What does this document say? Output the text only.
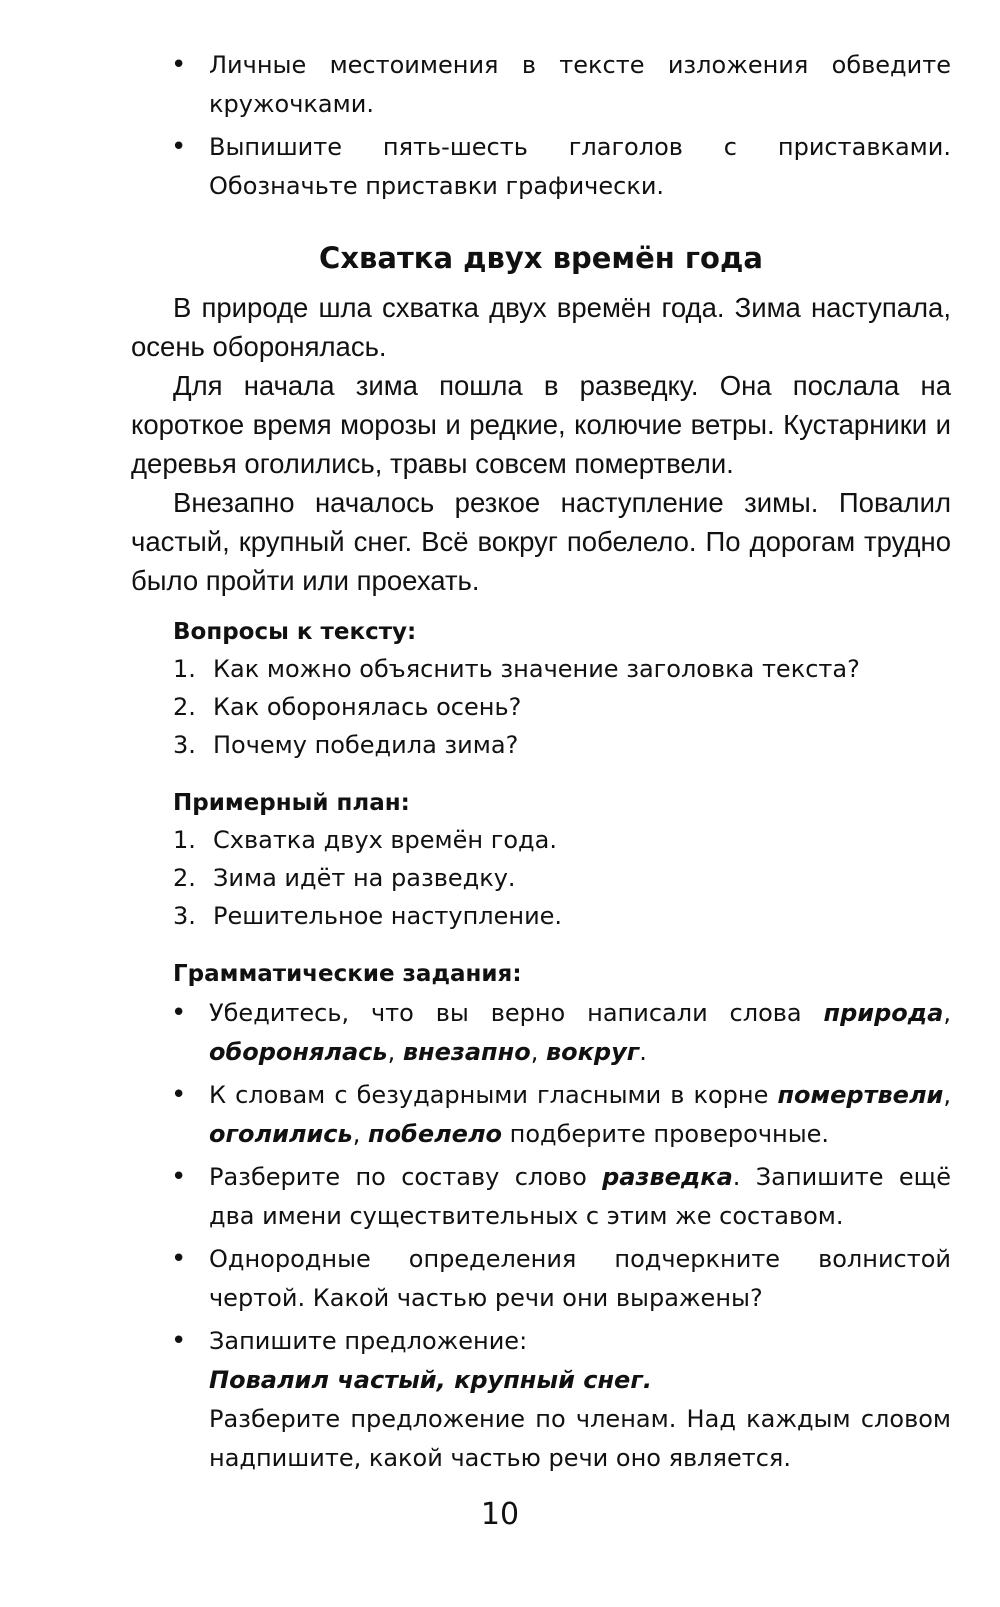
• Личные местоимения в тексте изложения обведите кружочками.
• Выпишите пять-шесть глаголов с приставками. Обозначьте приставки графически.
Схватка двух времён года

В природе шла схватка двух времён года. Зима наступала, осень оборонялась.

Для начала зима пошла в разведку. Она послала на короткое время морозы и редкие, колючие ветры. Кустарники и деревья оголились, травы совсем помертвели.

Внезапно началось резкое наступление зимы. Повалил частый, крупный снег. Всё вокруг побелело. По дорогам трудно было пройти или проехать.

Вопросы к тексту:
1. Как можно объяснить значение заголовка текста?
2. Как оборонялась осень?
3. Почему победила зима?
Примерный план:
1. Схватка двух времён года.
2. Зима идёт на разведку.
3. Решительное наступление.
Грамматические задания:
• Убедитесь, что вы верно написали слова природа, оборонялась, внезапно, вокруг.
• К словам с безударными гласными в корне помертвели, оголились, побелело подберите проверочные.
• Разберите по составу слово разведка. Запишите ещё два имени существительных с этим же составом.
• Однородные определения подчеркните волнистой чертой. Какой частью речи они выражены?
• Запишите предложение:
Повалил частый, крупный снег.
Разберите предложение по членам. Над каждым словом надпишите, какой частью речи оно является.
10
